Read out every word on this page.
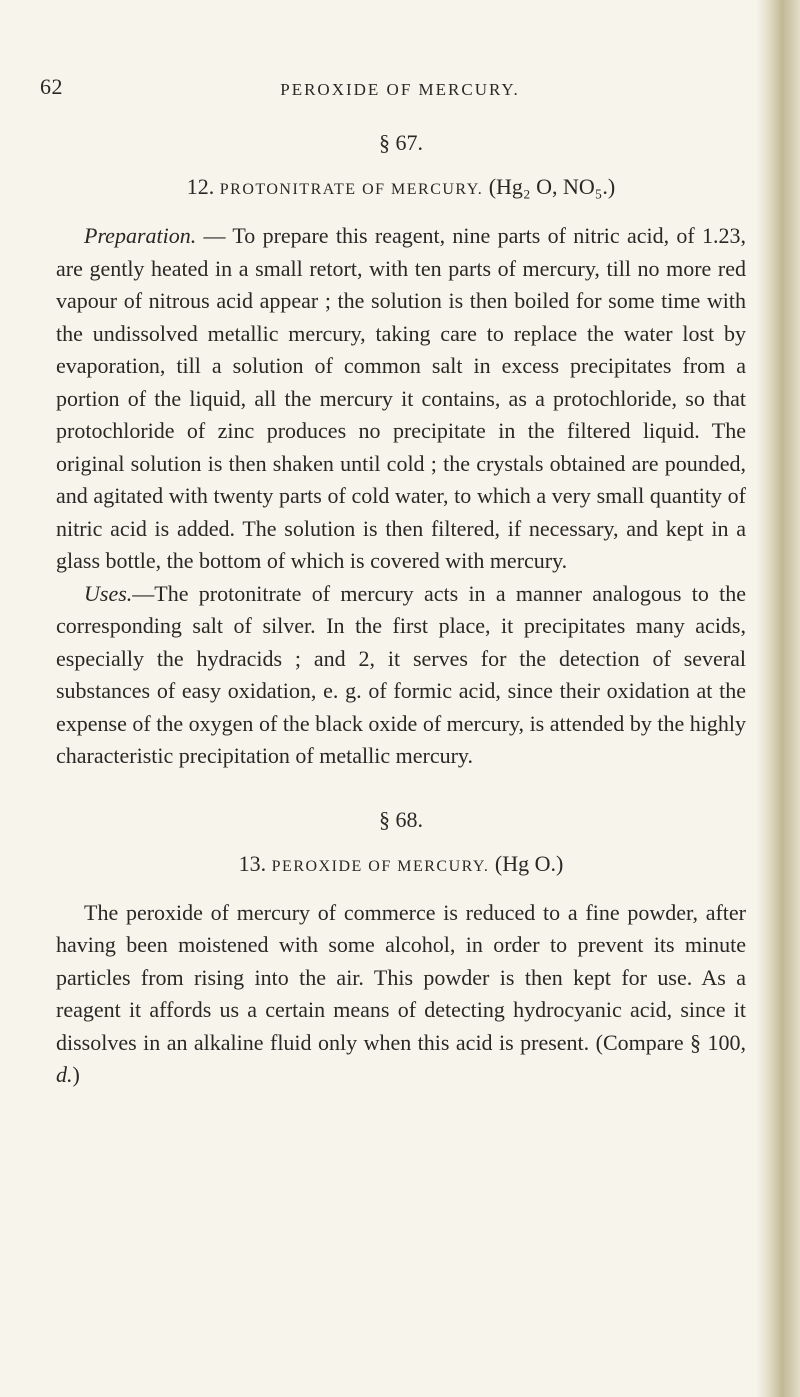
62	PEROXIDE OF MERCURY.
§ 67.
12. PROTONITRATE OF MERCURY. (Hg₂ O, NO₅.)

Preparation. — To prepare this reagent, nine parts of nitric acid, of 1.23, are gently heated in a small retort, with ten parts of mercury, till no more red vapour of nitrous acid appear ; the solution is then boiled for some time with the undissolved metallic mercury, taking care to replace the water lost by evaporation, till a solution of common salt in excess precipitates from a portion of the liquid, all the mercury it contains, as a protochloride, so that protochloride of zinc produces no precipitate in the filtered liquid. The original solution is then shaken until cold ; the crystals obtained are pounded, and agitated with twenty parts of cold water, to which a very small quantity of nitric acid is added. The solution is then filtered, if necessary, and kept in a glass bottle, the bottom of which is covered with mercury.

Uses.—The protonitrate of mercury acts in a manner analogous to the corresponding salt of silver. In the first place, it precipitates many acids, especially the hydracids ; and 2, it serves for the detection of several substances of easy oxidation, e. g. of formic acid, since their oxidation at the expense of the oxygen of the black oxide of mercury, is attended by the highly characteristic precipitation of metallic mercury.

§ 68.
13. PEROXIDE OF MERCURY. (Hg O.)

The peroxide of mercury of commerce is reduced to a fine powder, after having been moistened with some alcohol, in order to prevent its minute particles from rising into the air. This powder is then kept for use. As a reagent it affords us a certain means of detecting hydrocyanic acid, since it dissolves in an alkaline fluid only when this acid is present. (Compare § 100, d.)
